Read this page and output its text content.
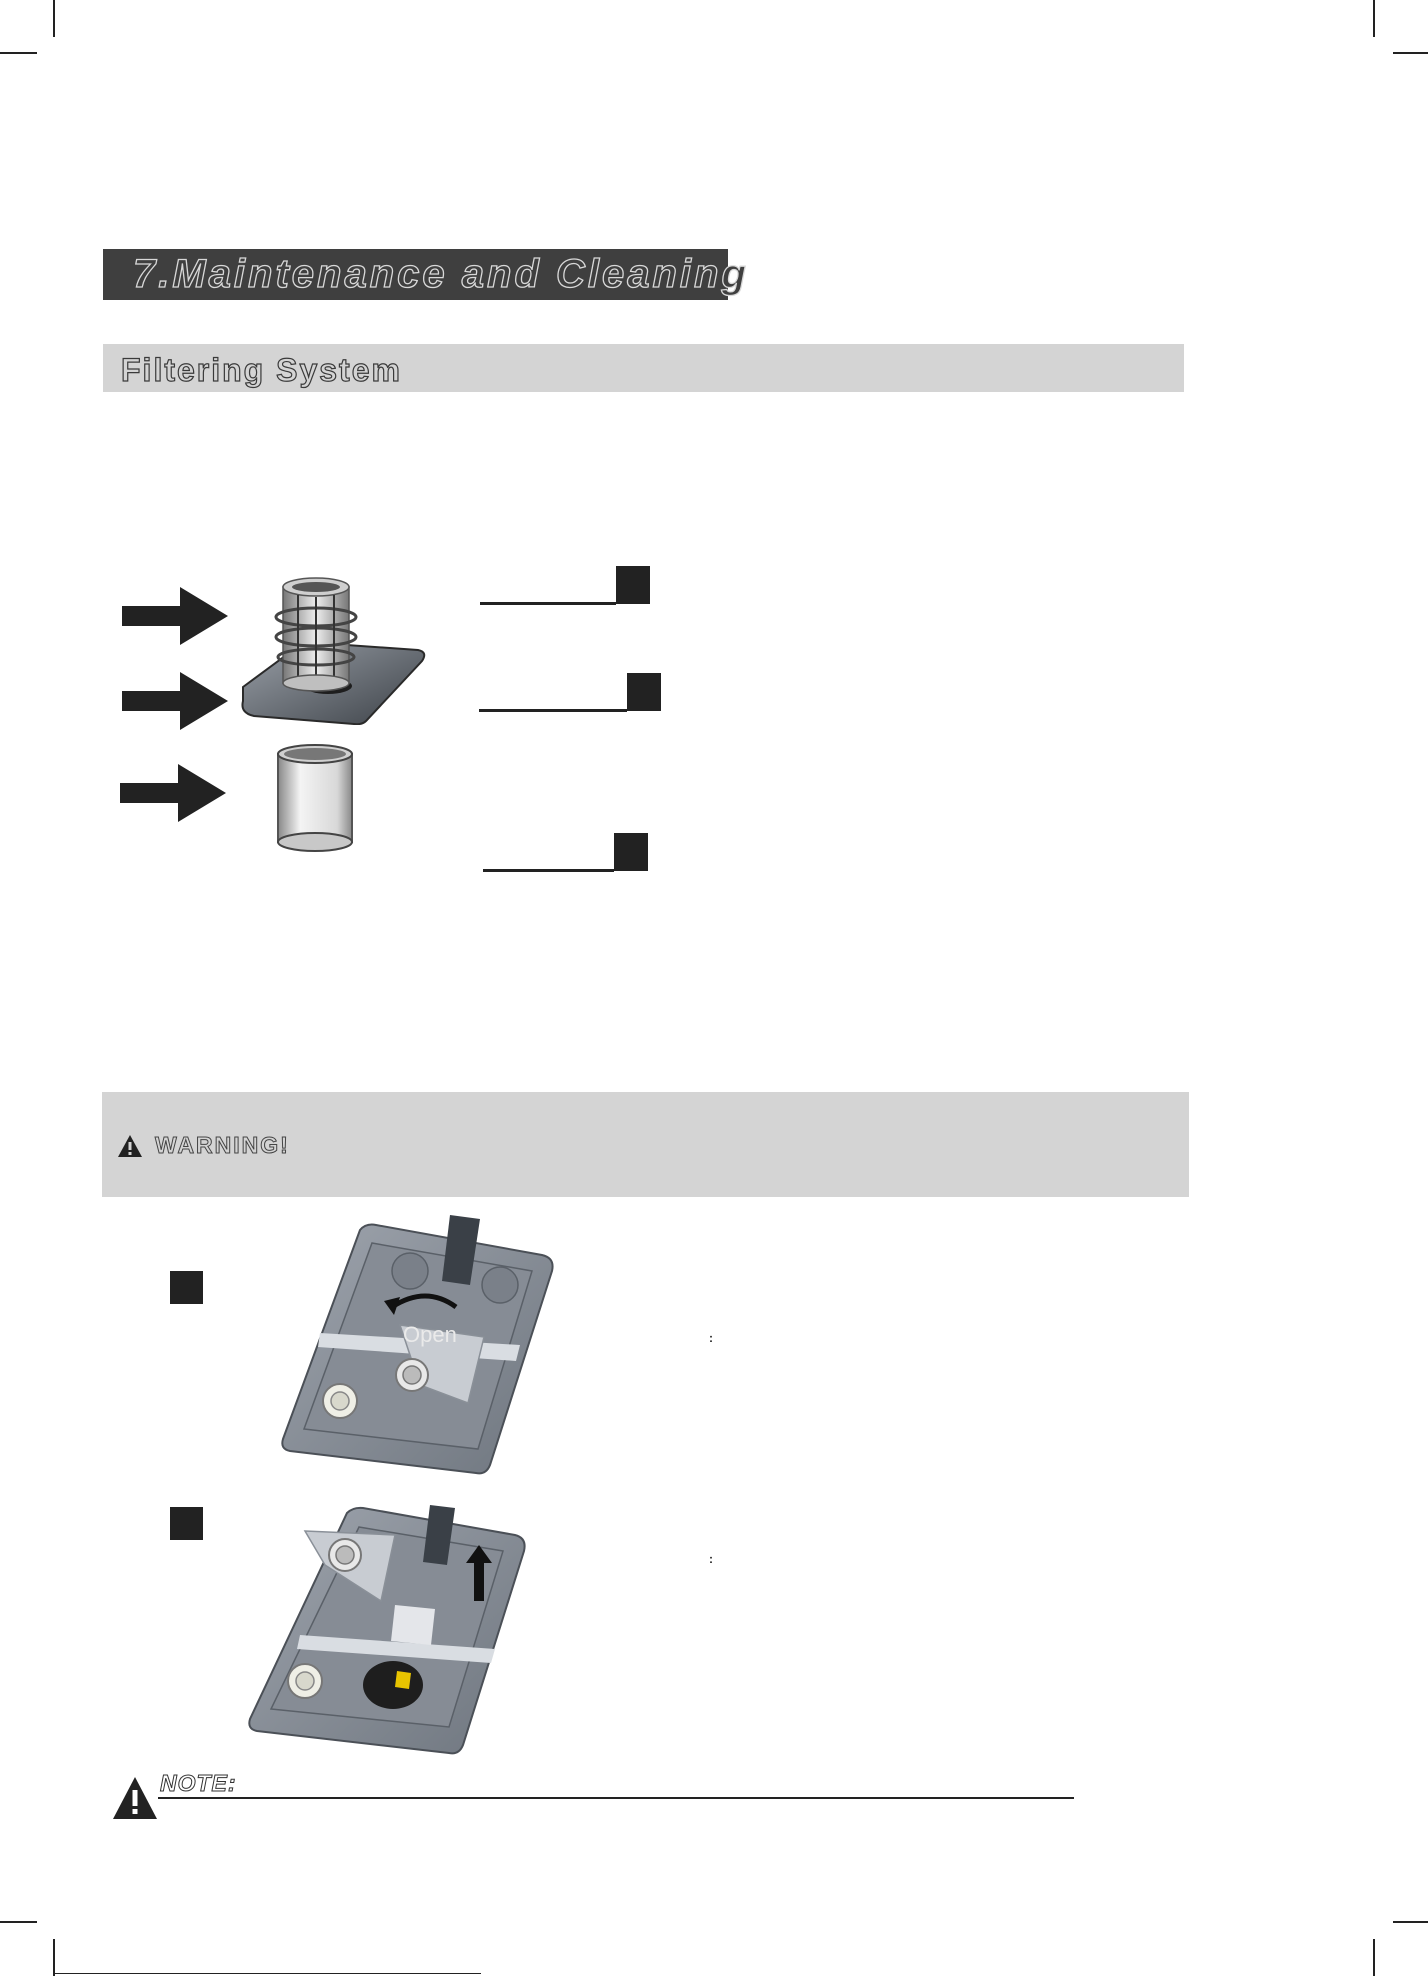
7.Maintenance and Cleaning
Filtering System
WARNING!
Open	:
:
NOTE:
